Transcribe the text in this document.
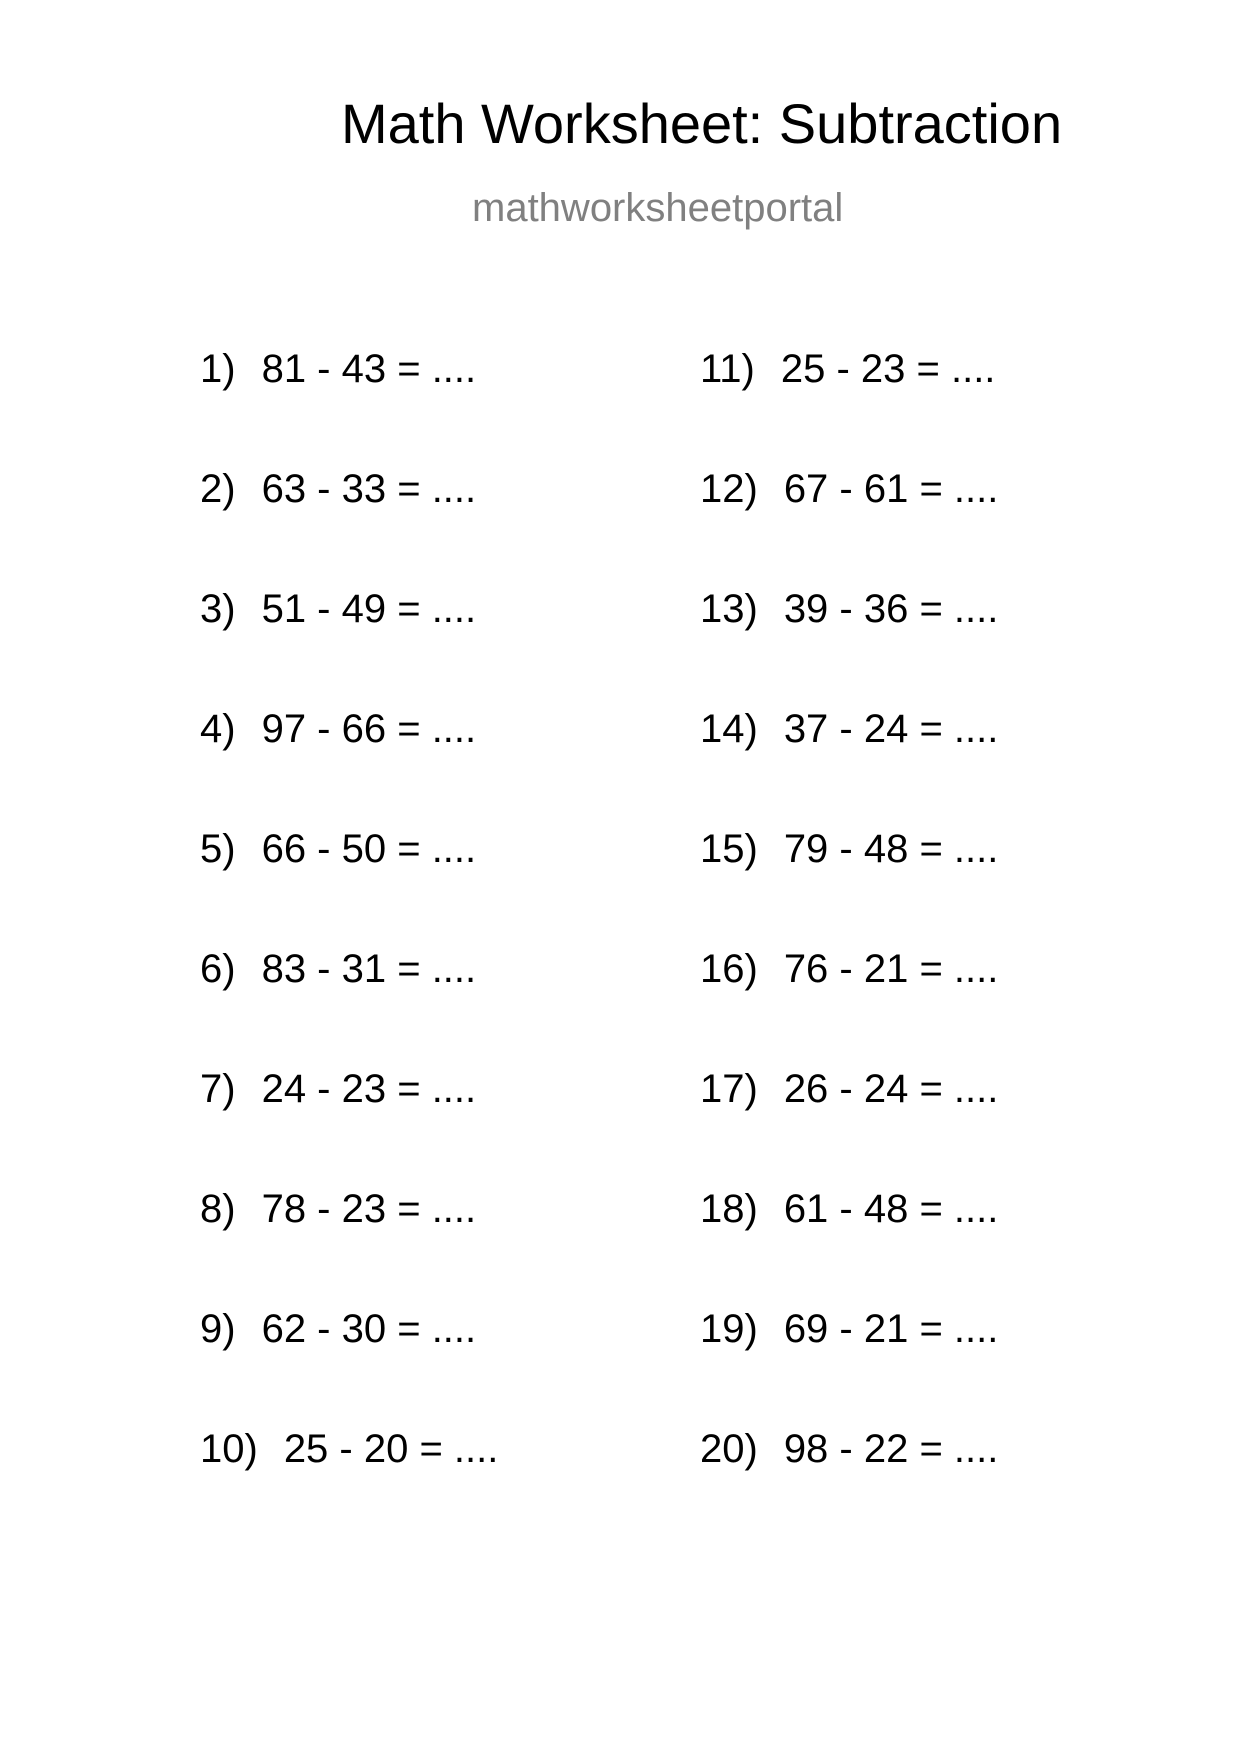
Math Worksheet: Subtraction
mathworksheetportal
1) 81 - 43 = ....
2) 63 - 33 = ....
3) 51 - 49 = ....
4) 97 - 66 = ....
5) 66 - 50 = ....
6) 83 - 31 = ....
7) 24 - 23 = ....
8) 78 - 23 = ....
9) 62 - 30 = ....
10) 25 - 20 = ....
11) 25 - 23 = ....
12) 67 - 61 = ....
13) 39 - 36 = ....
14) 37 - 24 = ....
15) 79 - 48 = ....
16) 76 - 21 = ....
17) 26 - 24 = ....
18) 61 - 48 = ....
19) 69 - 21 = ....
20) 98 - 22 = ....
